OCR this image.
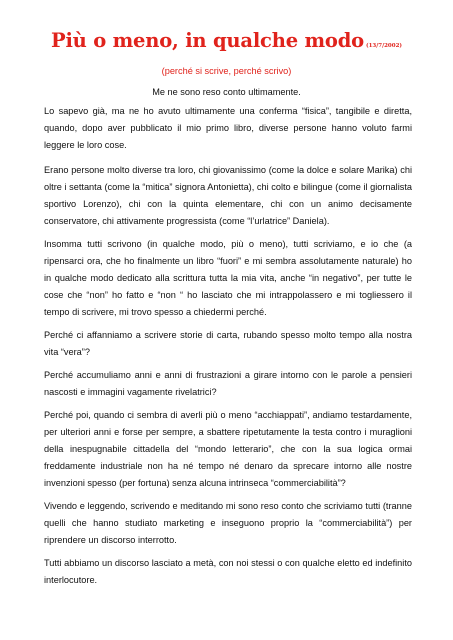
Più o meno, in qualche modo (13/7/2002)
(perché si scrive, perché scrivo)
Me ne sono reso conto ultimamente.

Lo sapevo già, ma ne ho avuto ultimamente una conferma “fisica”, tangibile e diretta, quando, dopo aver pubblicato il mio primo libro, diverse persone hanno voluto farmi leggere le loro cose.

Erano persone molto diverse tra loro, chi giovanissimo (come la dolce e solare Marika) chi oltre i settanta (come la “mitica” signora Antonietta), chi colto e bilingue (come il giornalista sportivo Lorenzo), chi con la quinta elementare, chi con un animo decisamente conservatore, chi attivamente progressista (come “l’urlatrice” Daniela).

Insomma tutti scrivono (in qualche modo, più o meno), tutti scriviamo, e io che (a ripensarci ora, che ho finalmente un libro “fuori” e mi sembra assolutamente naturale) ho in qualche modo dedicato alla scrittura tutta la mia vita, anche “in negativo”, per tutte le cose che “non” ho fatto e “non “ ho lasciato che mi intrappolassero e mi togliessero il tempo di scrivere, mi trovo spesso a chiedermi perché.

Perché ci affanniamo a scrivere storie di carta, rubando spesso molto tempo alla nostra vita “vera”?

Perché accumuliamo anni e anni di frustrazioni a girare intorno con le parole a pensieri nascosti e immagini vagamente rivelatrici?

Perché poi, quando ci sembra di averli più o meno “acchiappati”, andiamo testardamente, per ulteriori anni e forse per sempre, a sbattere ripetutamente la testa contro i muraglioni della inespugnabile cittadella del “mondo letterario”, che con la sua logica ormai freddamente industriale non ha né tempo né denaro da sprecare intorno alle nostre invenzioni spesso (per fortuna) senza alcuna intrinseca “commerciabilità”?

Vivendo e leggendo, scrivendo e meditando mi sono reso conto che scriviamo tutti (tranne quelli che hanno studiato marketing e inseguono proprio la “commerciabilità”) per riprendere un discorso interrotto.

Tutti abbiamo un discorso lasciato a metà, con noi stessi o con qualche eletto ed indefinito interlocutore.
